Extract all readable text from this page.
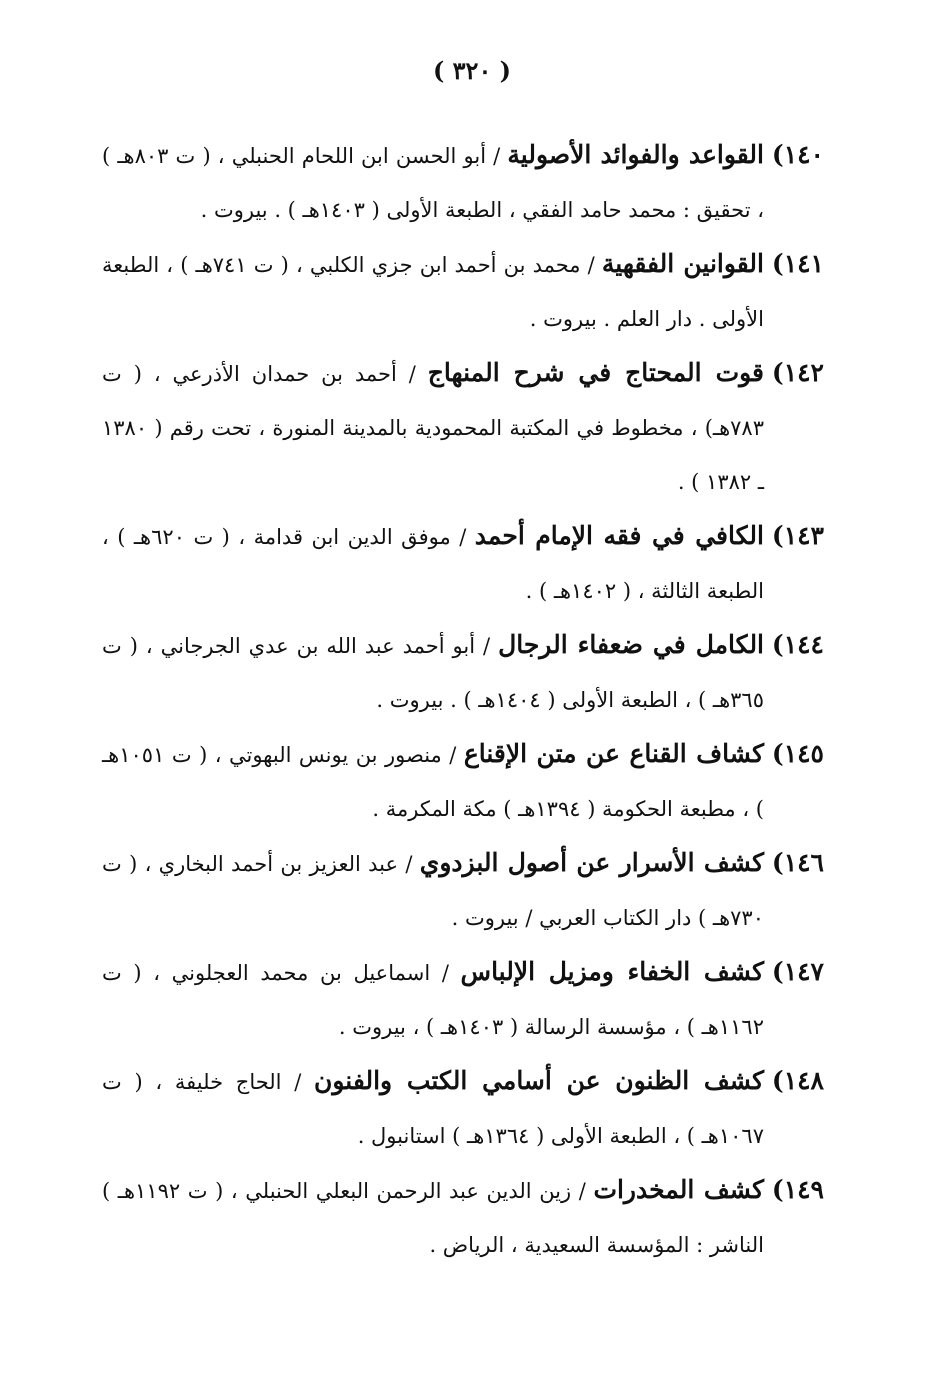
( ٣٢٠ )
١٤٠)
القواعد والفوائد الأصولية / أبو الحسن ابن اللحام الحنبلي ، ( ت ٨٠٣هـ ) ، تحقيق : محمد حامد الفقي ، الطبعة الأولى ( ١٤٠٣هـ ) . بيروت .
١٤١)
القوانين الفقهية / محمد بن أحمد ابن جزي الكلبي ، ( ت ٧٤١هـ ) ، الطبعة الأولى . دار العلم . بيروت .
١٤٢)
قوت المحتاج في شرح المنهاج / أحمد بن حمدان الأذرعي ، ( ت ٧٨٣هـ) ، مخطوط في المكتبة المحمودية بالمدينة المنورة ، تحت رقم ( ١٣٨٠ ـ ١٣٨٢ ) .
١٤٣)
الكافي في فقه الإمام أحمد / موفق الدين ابن قدامة ، ( ت ٦٢٠هـ ) ، الطبعة الثالثة ، ( ١٤٠٢هـ ) .
١٤٤)
الكامل في ضعفاء الرجال / أبو أحمد عبد الله بن عدي الجرجاني ، ( ت ٣٦٥هـ ) ، الطبعة الأولى ( ١٤٠٤هـ ) . بيروت .
١٤٥)
كشاف القناع عن متن الإقناع / منصور بن يونس البهوتي ، ( ت ١٠٥١هـ ) ، مطبعة الحكومة ( ١٣٩٤هـ ) مكة المكرمة .
١٤٦)
كشف الأسرار عن أصول البزدوي / عبد العزيز بن أحمد البخاري ، ( ت ٧٣٠هـ ) دار الكتاب العربي / بيروت .
١٤٧)
كشف الخفاء ومزيل الإلباس / اسماعيل بن محمد العجلوني ، ( ت ١١٦٢هـ ) ، مؤسسة الرسالة ( ١٤٠٣هـ ) ، بيروت .
١٤٨)
كشف الظنون عن أسامي الكتب والفنون / الحاج خليفة ، ( ت ١٠٦٧هـ ) ، الطبعة الأولى ( ١٣٦٤هـ ) استانبول .
١٤٩)
كشف المخدرات / زين الدين عبد الرحمن البعلي الحنبلي ، ( ت ١١٩٢هـ ) الناشر : المؤسسة السعيدية ، الرياض .
